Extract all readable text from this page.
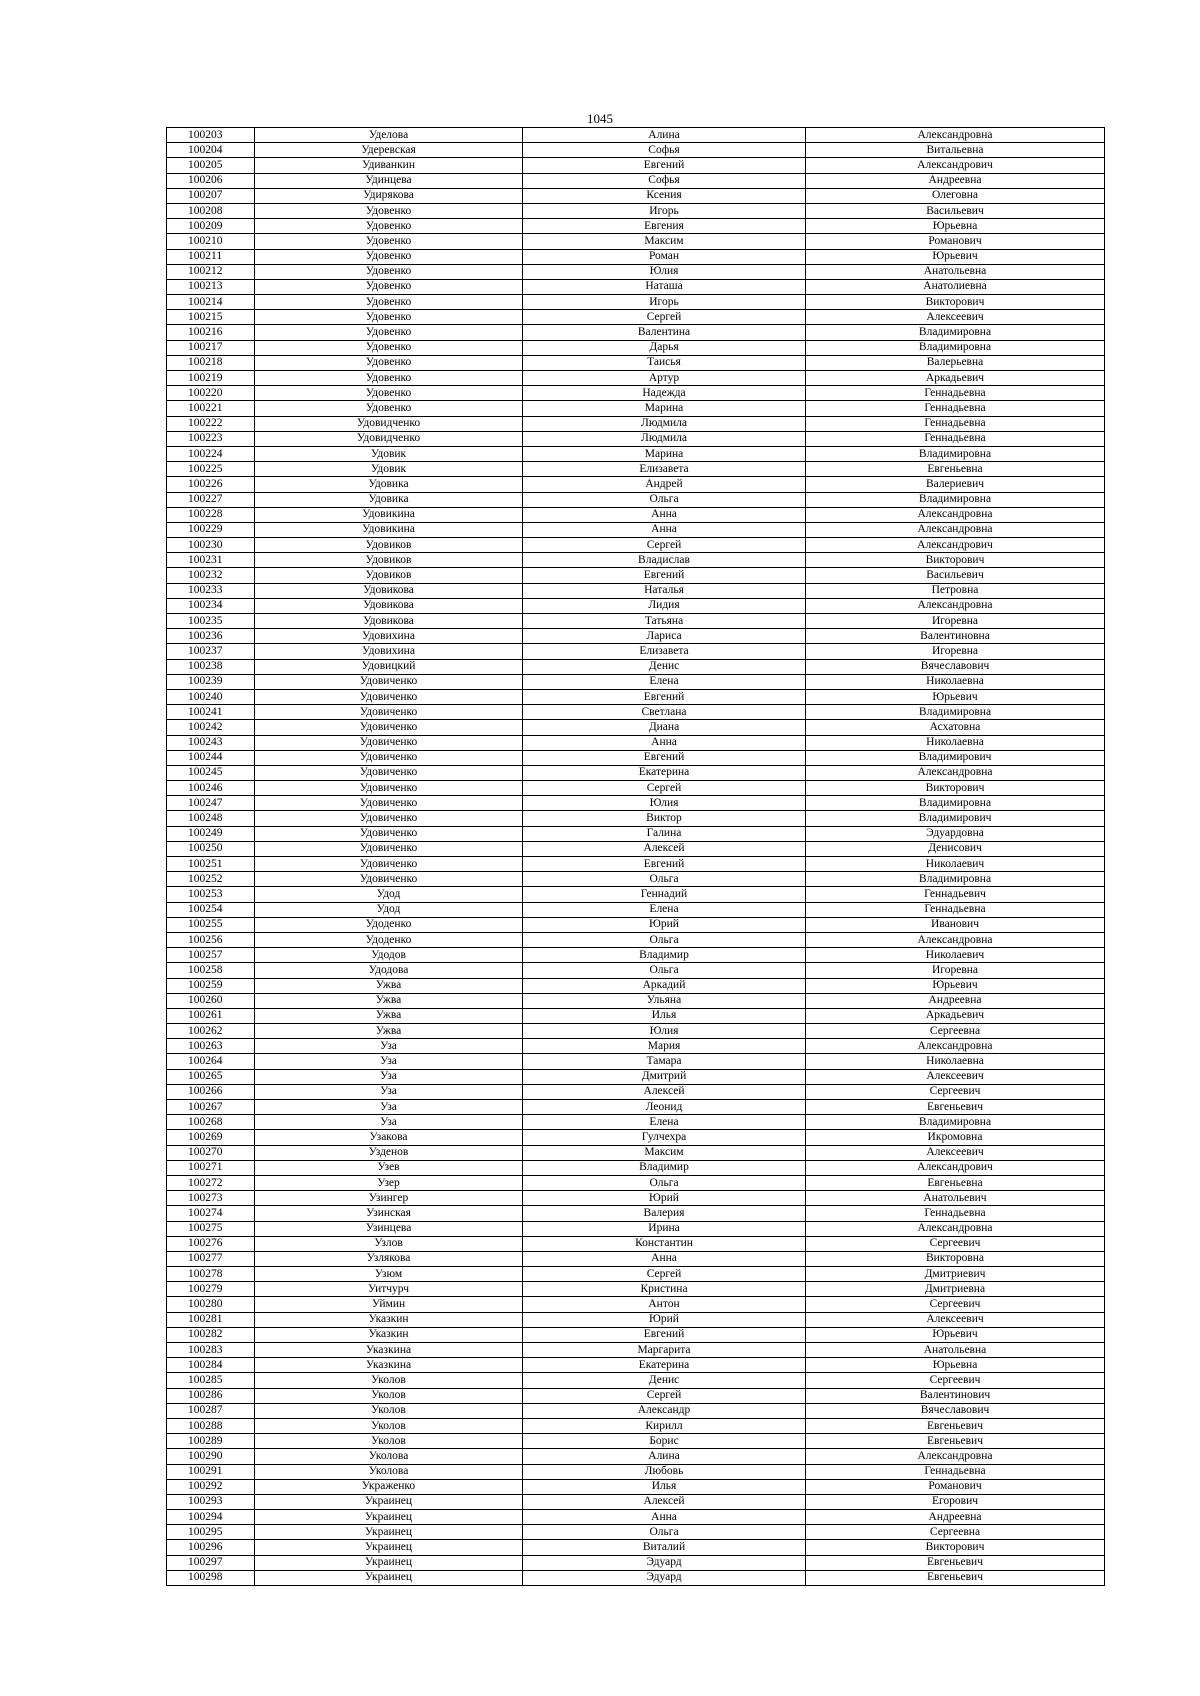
1045
100203	Уделова	Алина	Александровна
100204	Удеревская	Софья	Витальевна
100205	Удиванкин	Евгений	Александрович
100206	Удинцева	Софья	Андреевна
100207	Удирякова	Ксения	Олеговна
100208	Удовенко	Игорь	Васильевич
100209	Удовенко	Евгения	Юрьевна
100210	Удовенко	Максим	Романович
100211	Удовенко	Роман	Юрьевич
100212	Удовенко	Юлия	Анатольевна
100213	Удовенко	Наташа	Анатолиевна
100214	Удовенко	Игорь	Викторович
100215	Удовенко	Сергей	Алексеевич
100216	Удовенко	Валентина	Владимировна
100217	Удовенко	Дарья	Владимировна
100218	Удовенко	Таисья	Валерьевна
100219	Удовенко	Артур	Аркадьевич
100220	Удовенко	Надежда	Геннадьевна
100221	Удовенко	Марина	Геннадьевна
100222	Удовидченко	Людмила	Геннадьевна
100223	Удовидченко	Людмила	Геннадьевна
100224	Удовик	Марина	Владимировна
100225	Удовик	Елизавета	Евгеньевна
100226	Удовика	Андрей	Валериевич
100227	Удовика	Ольга	Владимировна
100228	Удовикина	Анна	Александровна
100229	Удовикина	Анна	Александровна
100230	Удовиков	Сергей	Александрович
100231	Удовиков	Владислав	Викторович
100232	Удовиков	Евгений	Васильевич
100233	Удовикова	Наталья	Петровна
100234	Удовикова	Лидия	Александровна
100235	Удовикова	Татьяна	Игоревна
100236	Удовихина	Лариса	Валентиновна
100237	Удовихина	Елизавета	Игоревна
100238	Удовицкий	Денис	Вячеславович
100239	Удовиченко	Елена	Николаевна
100240	Удовиченко	Евгений	Юрьевич
100241	Удовиченко	Светлана	Владимировна
100242	Удовиченко	Диана	Асхатовна
100243	Удовиченко	Анна	Николаевна
100244	Удовиченко	Евгений	Владимирович
100245	Удовиченко	Екатерина	Александровна
100246	Удовиченко	Сергей	Викторович
100247	Удовиченко	Юлия	Владимировна
100248	Удовиченко	Виктор	Владимирович
100249	Удовиченко	Галина	Эдуардовна
100250	Удовиченко	Алексей	Денисович
100251	Удовиченко	Евгений	Николаевич
100252	Удовиченко	Ольга	Владимировна
100253	Удод	Геннадий	Геннадьевич
100254	Удод	Елена	Геннадьевна
100255	Удоденко	Юрий	Иванович
100256	Удоденко	Ольга	Александровна
100257	Удодов	Владимир	Николаевич
100258	Удодова	Ольга	Игоревна
100259	Ужва	Аркадий	Юрьевич
100260	Ужва	Ульяна	Андреевна
100261	Ужва	Илья	Аркадьевич
100262	Ужва	Юлия	Сергеевна
100263	Уза	Мария	Александровна
100264	Уза	Тамара	Николаевна
100265	Уза	Дмитрий	Алексеевич
100266	Уза	Алексей	Сергеевич
100267	Уза	Леонид	Евгеньевич
100268	Уза	Елена	Владимировна
100269	Узакова	Гулчехра	Икромовна
100270	Узденов	Максим	Алексеевич
100271	Узев	Владимир	Александрович
100272	Узер	Ольга	Евгеньевна
100273	Узингер	Юрий	Анатольевич
100274	Узинская	Валерия	Геннадьевна
100275	Узинцева	Ирина	Александровна
100276	Узлов	Константин	Сергеевич
100277	Узлякова	Анна	Викторовна
100278	Узюм	Сергей	Дмитриевич
100279	Уитчурч	Кристина	Дмитриевна
100280	Уймин	Антон	Сергеевич
100281	Указкин	Юрий	Алексеевич
100282	Указкин	Евгений	Юрьевич
100283	Указкина	Маргарита	Анатольевна
100284	Указкина	Екатерина	Юрьевна
100285	Уколов	Денис	Сергеевич
100286	Уколов	Сергей	Валентинович
100287	Уколов	Александр	Вячеславович
100288	Уколов	Кирилл	Евгеньевич
100289	Уколов	Борис	Евгеньевич
100290	Уколова	Алина	Александровна
100291	Уколова	Любовь	Геннадьевна
100292	Украженко	Илья	Романович
100293	Украинец	Алексей	Егорович
100294	Украинец	Анна	Андреевна
100295	Украинец	Ольга	Сергеевна
100296	Украинец	Виталий	Викторович
100297	Украинец	Эдуард	Евгеньевич
100298	Украинец	Эдуард	Евгеньевич
